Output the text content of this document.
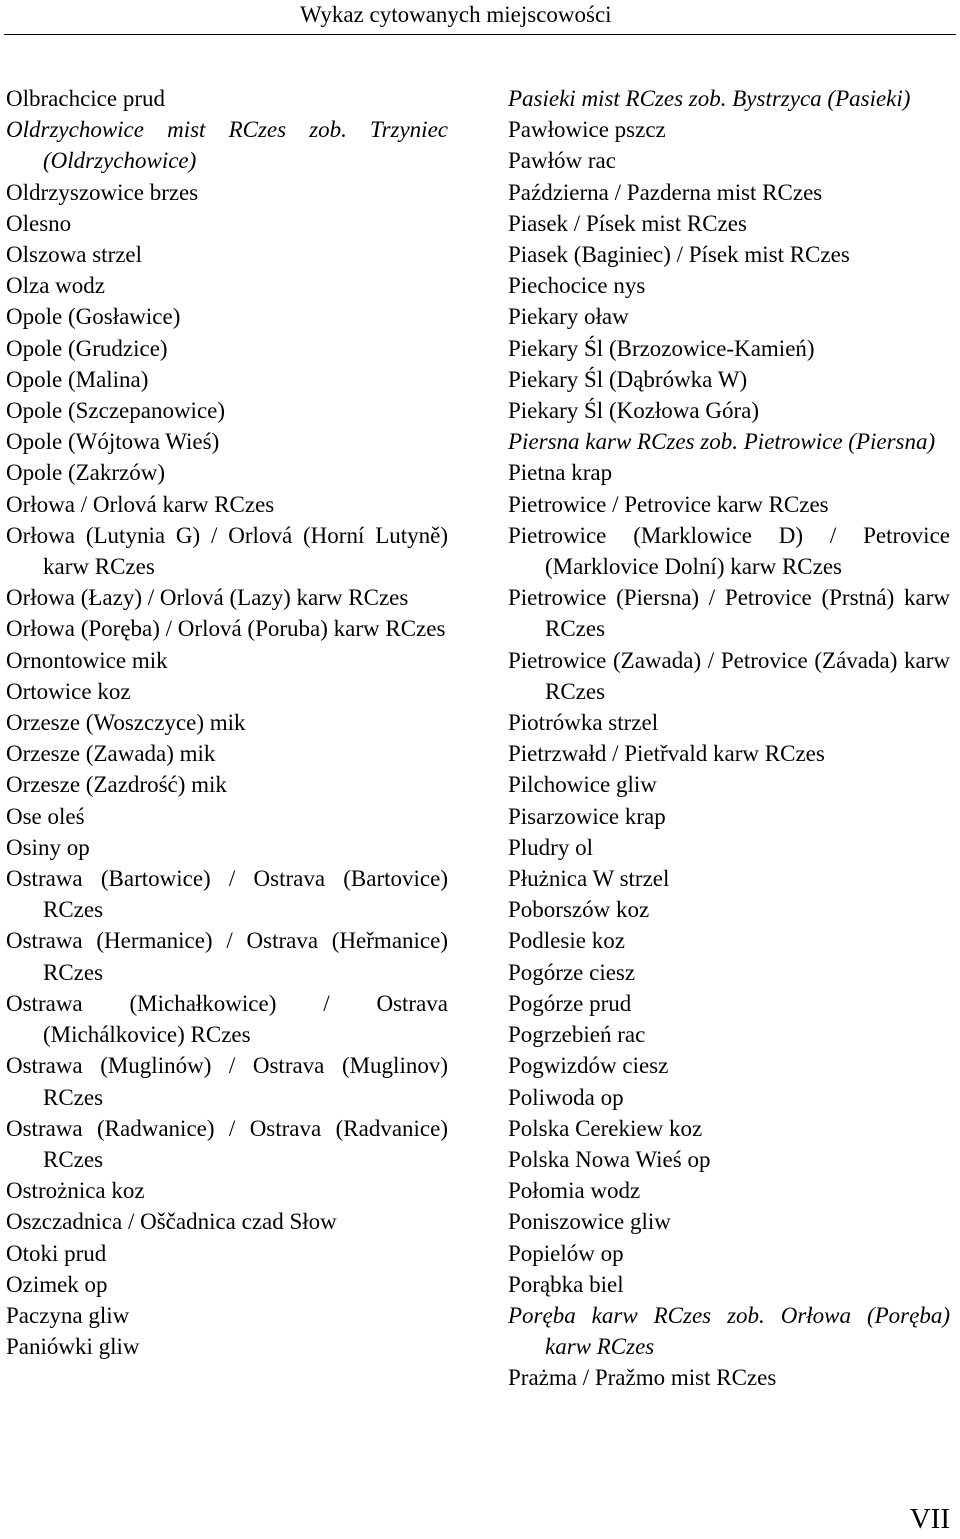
Wykaz cytowanych miejscowości
Olbrachcice prud
Oldrzychowice mist RCzes zob. Trzyniec (Oldrzychowice)
Oldrzyszowice brzes
Olesno
Olszowa strzel
Olza wodz
Opole (Gosławice)
Opole (Grudzice)
Opole (Malina)
Opole (Szczepanowice)
Opole (Wójtowa Wieś)
Opole (Zakrzów)
Orłowa / Orlová karw RCzes
Orłowa (Lutynia G) / Orlová (Horní Lutyně) karw RCzes
Orłowa (Łazy) / Orlová (Lazy) karw RCzes
Orłowa (Poręba) / Orlová (Poruba) karw RCzes
Ornontowice mik
Ortowice koz
Orzesze (Woszczyce) mik
Orzesze (Zawada) mik
Orzesze (Zazdrość) mik
Ose oleś
Osiny op
Ostrawa (Bartowice) / Ostrava (Bartovice) RCzes
Ostrawa (Hermanice) / Ostrava (Heřmanice) RCzes
Ostrawa (Michałkowice) / Ostrava (Michálkovice) RCzes
Ostrawa (Muglinów) / Ostrava (Muglinov) RCzes
Ostrawa (Radwanice) / Ostrava (Radvanice) RCzes
Ostrożnica koz
Oszczadnica / Oščadnica czad Słow
Otoki prud
Ozimek op
Paczyna gliw
Paniówki gliw
Pasieki mist RCzes zob. Bystrzyca (Pasieki)
Pawłowice pszcz
Pawłów rac
Październa / Pazderna mist RCzes
Piasek / Písek mist RCzes
Piasek (Baginiec) / Písek mist RCzes
Piechocice nys
Piekary oław
Piekary Śl (Brzozowice-Kamień)
Piekary Śl (Dąbrówka W)
Piekary Śl (Kozłowa Góra)
Piersna karw RCzes zob. Pietrowice (Piersna)
Pietna krap
Pietrowice / Petrovice karw RCzes
Pietrowice (Marklowice D) / Petrovice (Marklovice Dolní) karw RCzes
Pietrowice (Piersna) / Petrovice (Prstná) karw RCzes
Pietrowice (Zawada) / Petrovice (Závada) karw RCzes
Piotrówka strzel
Pietrzwałd / Pietřvald karw RCzes
Pilchowice gliw
Pisarzowice krap
Pludry ol
Płużnica W strzel
Poborszów koz
Podlesie koz
Pogórze ciesz
Pogórze prud
Pogrzebień rac
Pogwizdów ciesz
Poliwoda op
Polska Cerekiew koz
Polska Nowa Wieś op
Połomia wodz
Poniszowice gliw
Popielów op
Porąbka biel
Poręba karw RCzes zob. Orłowa (Poręba) karw RCzes
Prażma / Pražmo mist RCzes
VII
